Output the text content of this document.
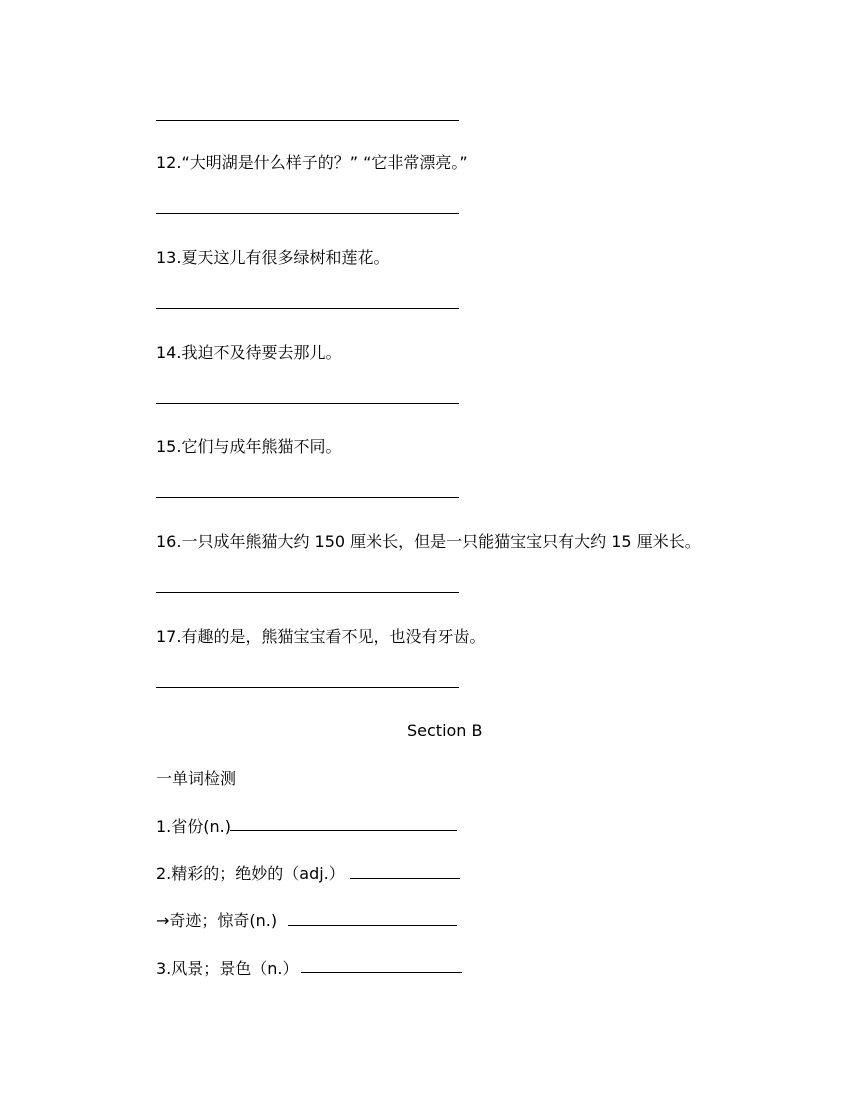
12.“大明湖是什么样子的？” “它非常漂亮。”
13.夏天这儿有很多绿树和莲花。
14.我迫不及待要去那儿。
15.它们与成年熊猫不同。
16.一只成年熊猫大约 150 厘米长，但是一只能猫宝宝只有大约 15 厘米长。
17.有趣的是，熊猫宝宝看不见，也没有牙齿。
Section B
一单词检测
1.省份(n.)
2.精彩的；绝妙的（adj.）
→奇迹；惊奇(n.)
3.风景；景色（n.）
